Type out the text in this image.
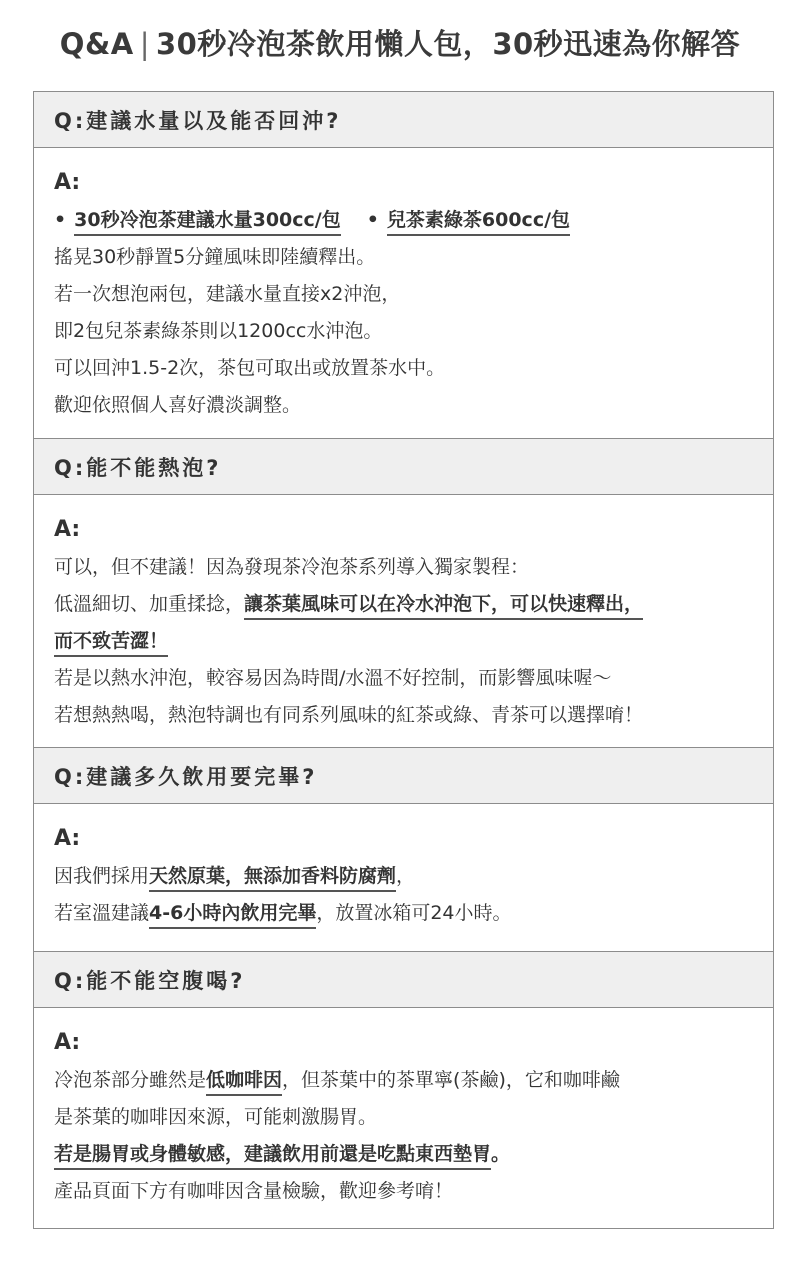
Q&A | 30秒冷泡茶飲用懶人包，30秒迅速為你解答
Q:建議水量以及能否回沖?
A:
• 30秒冷泡茶建議水量300cc/包 • 兒茶素綠茶600cc/包
搖晃30秒靜置5分鐘風味即陸續釋出。
若一次想泡兩包，建議水量直接x2沖泡，
即2包兒茶素綠茶則以1200cc水沖泡。
可以回沖1.5-2次，茶包可取出或放置茶水中。
歡迎依照個人喜好濃淡調整。
Q:能不能熱泡?
A:
可以，但不建議！因為發現茶冷泡茶系列導入獨家製程：
低溫細切、加重揉捻，讓茶葉風味可以在冷水沖泡下，可以快速釋出，
而不致苦澀！
若是以熱水沖泡，較容易因為時間/水溫不好控制，而影響風味喔～
若想熱熱喝，熱泡特調也有同系列風味的紅茶或綠、青茶可以選擇唷！
Q:建議多久飲用要完畢?
A:
因我們採用天然原葉，無添加香料防腐劑，
若室溫建議4-6小時內飲用完畢，放置冰箱可24小時。
Q:能不能空腹喝?
A:
冷泡茶部分雖然是低咖啡因，但茶葉中的茶單寧(茶鹼)，它和咖啡鹼
是茶葉的咖啡因來源，可能刺激腸胃。
若是腸胃或身體敏感，建議飲用前還是吃點東西墊胃。
產品頁面下方有咖啡因含量檢驗，歡迎參考唷！
